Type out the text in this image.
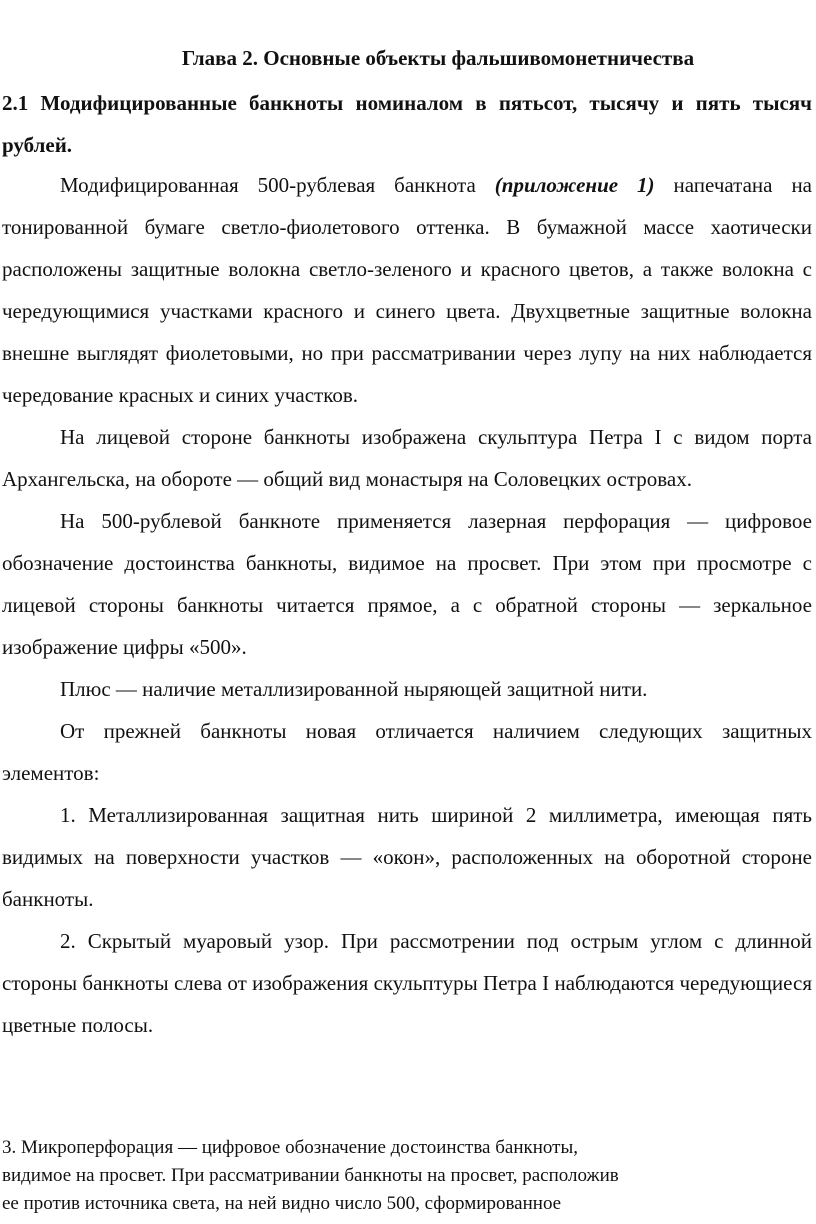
Глава 2. Основные объекты фальшивомонетничества
2.1 Модифицированные банкноты номиналом в пятьсот, тысячу и пять тысяч рублей.

Модифицированная 500-рублевая банкнота (приложение 1) напечатана на тонированной бумаге светло-фиолетового оттенка. В бумажной массе хаотически расположены защитные волокна светло-зеленого и красного цветов, а также волокна с чередующимися участками красного и синего цвета. Двухцветные защитные волокна внешне выглядят фиолетовыми, но при рассматривании через лупу на них наблюдается чередование красных и синих участков.

На лицевой стороне банкноты изображена скульптура Петра I с видом порта Архангельска, на обороте — общий вид монастыря на Соловецких островах.

На 500-рублевой банкноте применяется лазерная перфорация — цифровое обозначение достоинства банкноты, видимое на просвет. При этом при просмотре с лицевой стороны банкноты читается прямое, а с обратной стороны — зеркальное изображение цифры «500».

Плюс — наличие металлизированной ныряющей защитной нити.

От прежней банкноты новая отличается наличием следующих защитных элементов:

1. Металлизированная защитная нить шириной 2 миллиметра, имеющая пять видимых на поверхности участков — «окон», расположенных на оборотной стороне банкноты.

2. Скрытый муаровый узор. При рассмотрении под острым углом с длинной стороны банкноты слева от изображения скульптуры Петра I наблюдаются чередующиеся цветные полосы.

3. Микроперфорация — цифровое обозначение достоинства банкноты,

видимое на просвет. При рассматривании банкноты на просвет, расположив

ее против источника света, на ней видно число 500, сформированное
